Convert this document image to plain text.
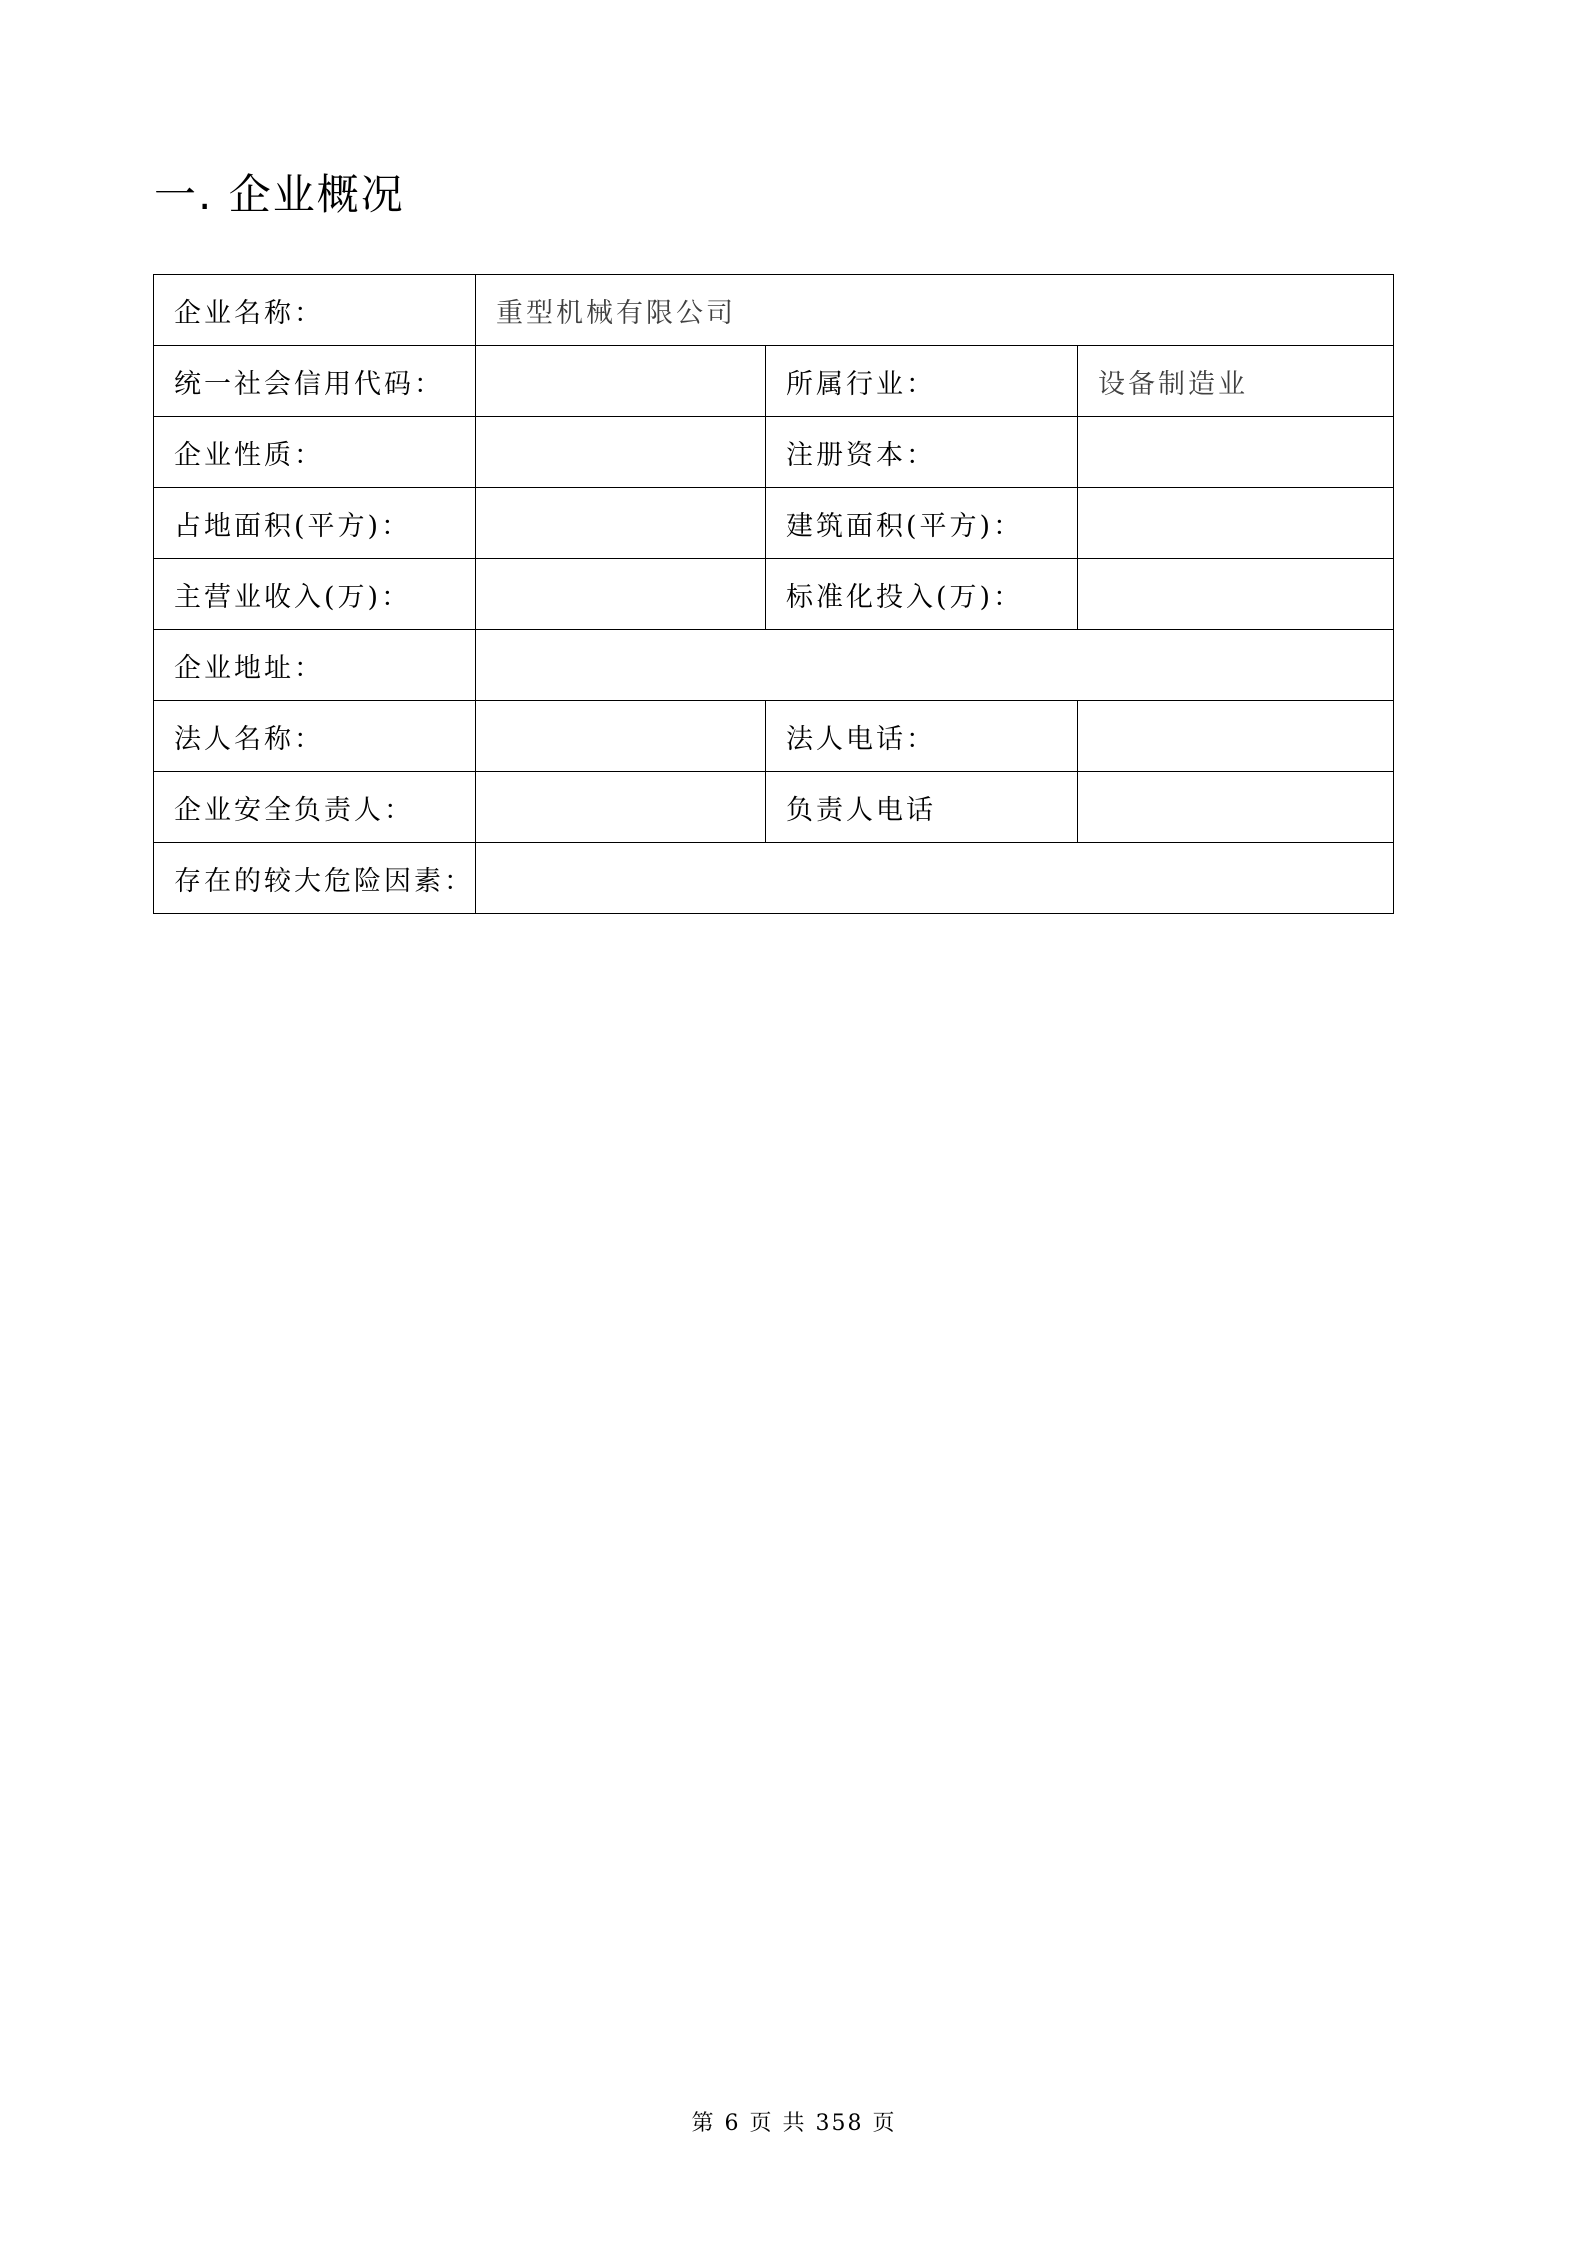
一. 企业概况
企业名称：	重型机械有限公司		
统一社会信用代码：		所属行业：	设备制造业
企业性质：		注册资本：	
占地面积(平方)：		建筑面积(平方)：	
主营业收入(万)：		标准化投入(万)：	
企业地址：			
法人名称：		法人电话：	
企业安全负责人：		负责人电话	
存在的较大危险因素：			
第 6 页 共 358 页
